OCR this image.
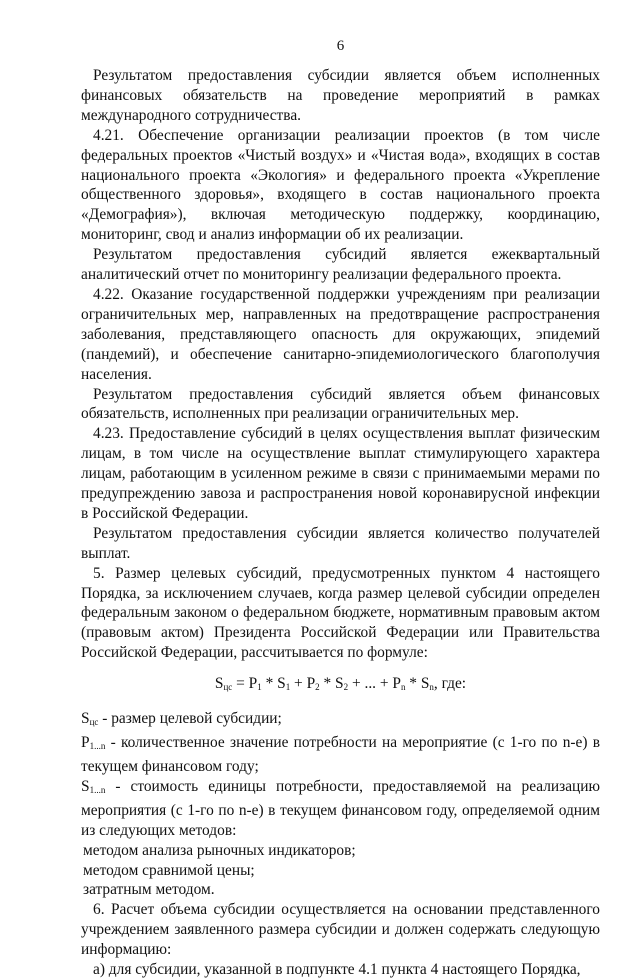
6

Результатом предоставления субсидии является объем исполненных финансовых обязательств на проведение мероприятий в рамках международного сотрудничества.

4.21. Обеспечение организации реализации проектов (в том числе федеральных проектов «Чистый воздух» и «Чистая вода», входящих в состав национального проекта «Экология» и федерального проекта «Укрепление общественного здоровья», входящего в состав национального проекта «Демография»), включая методическую поддержку, координацию, мониторинг, свод и анализ информации об их реализации.

Результатом предоставления субсидий является ежеквартальный аналитический отчет по мониторингу реализации федерального проекта.

4.22. Оказание государственной поддержки учреждениям при реализации ограничительных мер, направленных на предотвращение распространения заболевания, представляющего опасность для окружающих, эпидемий (пандемий), и обеспечение санитарно-эпидемиологического благополучия населения.

Результатом предоставления субсидий является объем финансовых обязательств, исполненных при реализации ограничительных мер.

4.23. Предоставление субсидий в целях осуществления выплат физическим лицам, в том числе на осуществление выплат стимулирующего характера лицам, работающим в усиленном режиме в связи с принимаемыми мерами по предупреждению завоза и распространения новой коронавирусной инфекции в Российской Федерации.

Результатом предоставления субсидии является количество получателей выплат.

5. Размер целевых субсидий, предусмотренных пунктом 4 настоящего Порядка, за исключением случаев, когда размер целевой субсидии определен федеральным законом о федеральном бюджете, нормативным правовым актом (правовым актом) Президента Российской Федерации или Правительства Российской Федерации, рассчитывается по формуле:

$S_{цс} = P_1 * S_1 + P_2 * S_2$ + ... + $P_n * S_n$, где:

$S_{цс}$ - размер целевой субсидии;

$P_{1...n}$ - количественное значение потребности на мероприятие (с 1-го по n-е) в текущем финансовом году;

$S_{1...n}$ - стоимость единицы потребности, предоставляемой на реализацию мероприятия (с 1-го по n-е) в текущем финансовом году, определяемой одним из следующих методов:

методом анализа рыночных индикаторов;

методом сравнимой цены;

затратным методом.

6. Расчет объема субсидии осуществляется на основании представленного учреждением заявленного размера субсидии и должен содержать следующую информацию:

а) для субсидии, указанной в подпункте 4.1 пункта 4 настоящего Порядка,
